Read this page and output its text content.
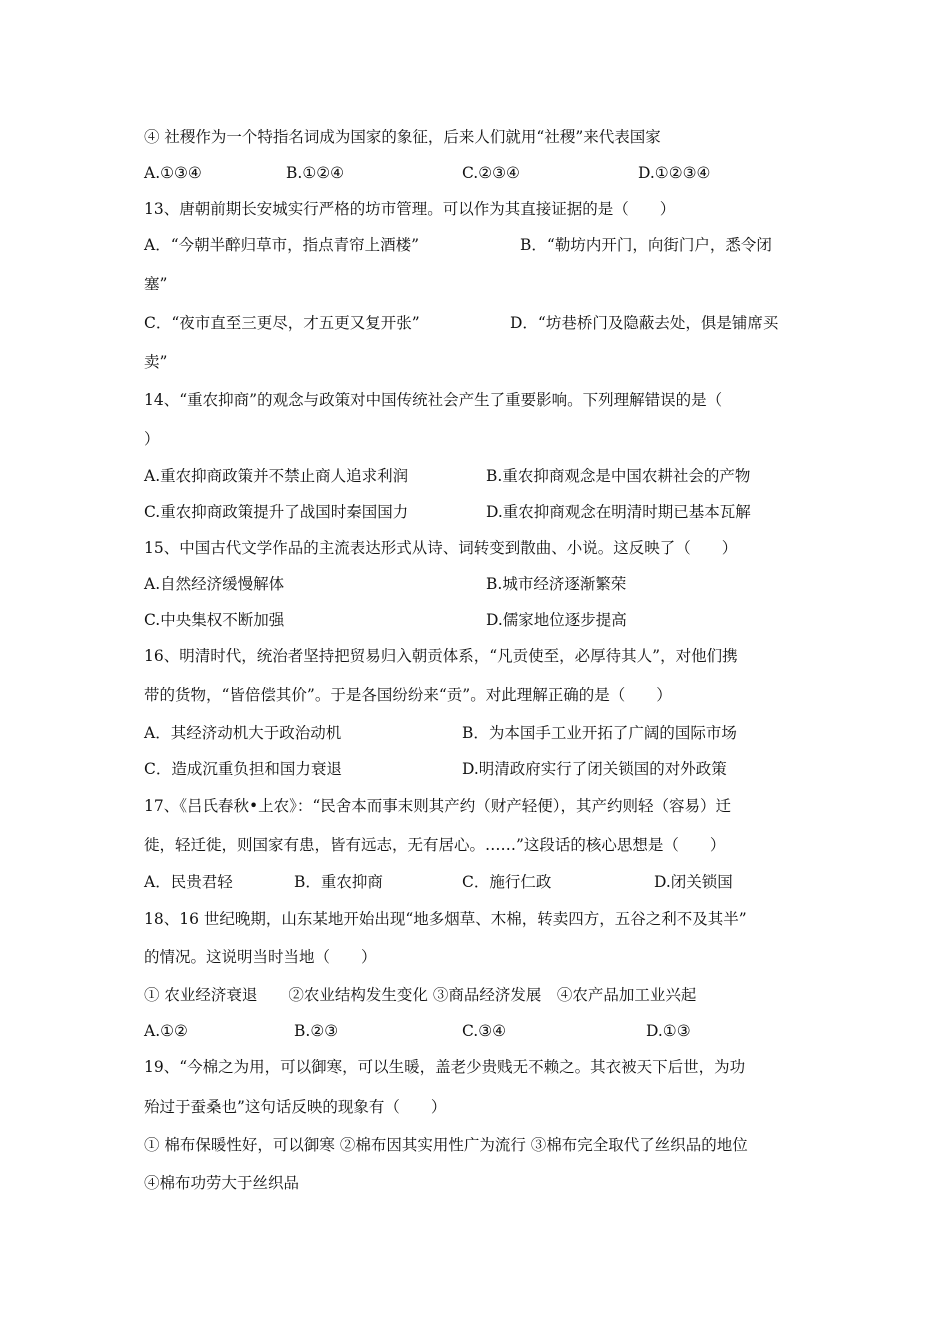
④ 社稷作为一个特指名词成为国家的象征，后来人们就用“社稷”来代表国家
A.①③④	B.①②④	C.②③④	D.①②③④
13、唐朝前期长安城实行严格的坊市管理。可以作为其直接证据的是（　　）
A．“今朝半醉归草市，指点青帘上酒楼”	B．“勒坊内开门，向街门户，悉令闭
塞”
C．“夜市直至三更尽，才五更又复开张”	D．“坊巷桥门及隐蔽去处，俱是铺席买
卖”
14、“重农抑商”的观念与政策对中国传统社会产生了重要影响。下列理解错误的是（
）
A.重农抑商政策并不禁止商人追求利润	B.重农抑商观念是中国农耕社会的产物
C.重农抑商政策提升了战国时秦国国力	D.重农抑商观念在明清时期已基本瓦解
15、中国古代文学作品的主流表达形式从诗、词转变到散曲、小说。这反映了（　　）
A.自然经济缓慢解体	B.城市经济逐渐繁荣
C.中央集权不断加强	D.儒家地位逐步提高
16、明清时代，统治者坚持把贸易归入朝贡体系，“凡贡使至，必厚待其人”，对他们携
带的货物，“皆倍偿其价”。于是各国纷纷来“贡”。对此理解正确的是（　　）
A．其经济动机大于政治动机	B．为本国手工业开拓了广阔的国际市场
C．造成沉重负担和国力衰退	D.明清政府实行了闭关锁国的对外政策
17、《吕氏春秋•上农》：“民舍本而事末则其产约（财产轻便），其产约则轻（容易）迁
徙，轻迁徙，则国家有患，皆有远志，无有居心。……”这段话的核心思想是（　　）
A．民贵君轻	B．重农抑商	C．施行仁政	D.闭关锁国
18、16 世纪晚期，山东某地开始出现“地多烟草、木棉，转卖四方，五谷之利不及其半”
的情况。这说明当时当地（　　）
① 农业经济衰退　　②农业结构发生变化 ③商品经济发展　④农产品加工业兴起
A.①②	B.②③	C.③④	D.①③
19、“今棉之为用，可以御寒，可以生暖，盖老少贵贱无不赖之。其衣被天下后世，为功
殆过于蚕桑也”这句话反映的现象有（　　）
① 棉布保暖性好，可以御寒 ②棉布因其实用性广为流行 ③棉布完全取代了丝织品的地位
④棉布功劳大于丝织品
